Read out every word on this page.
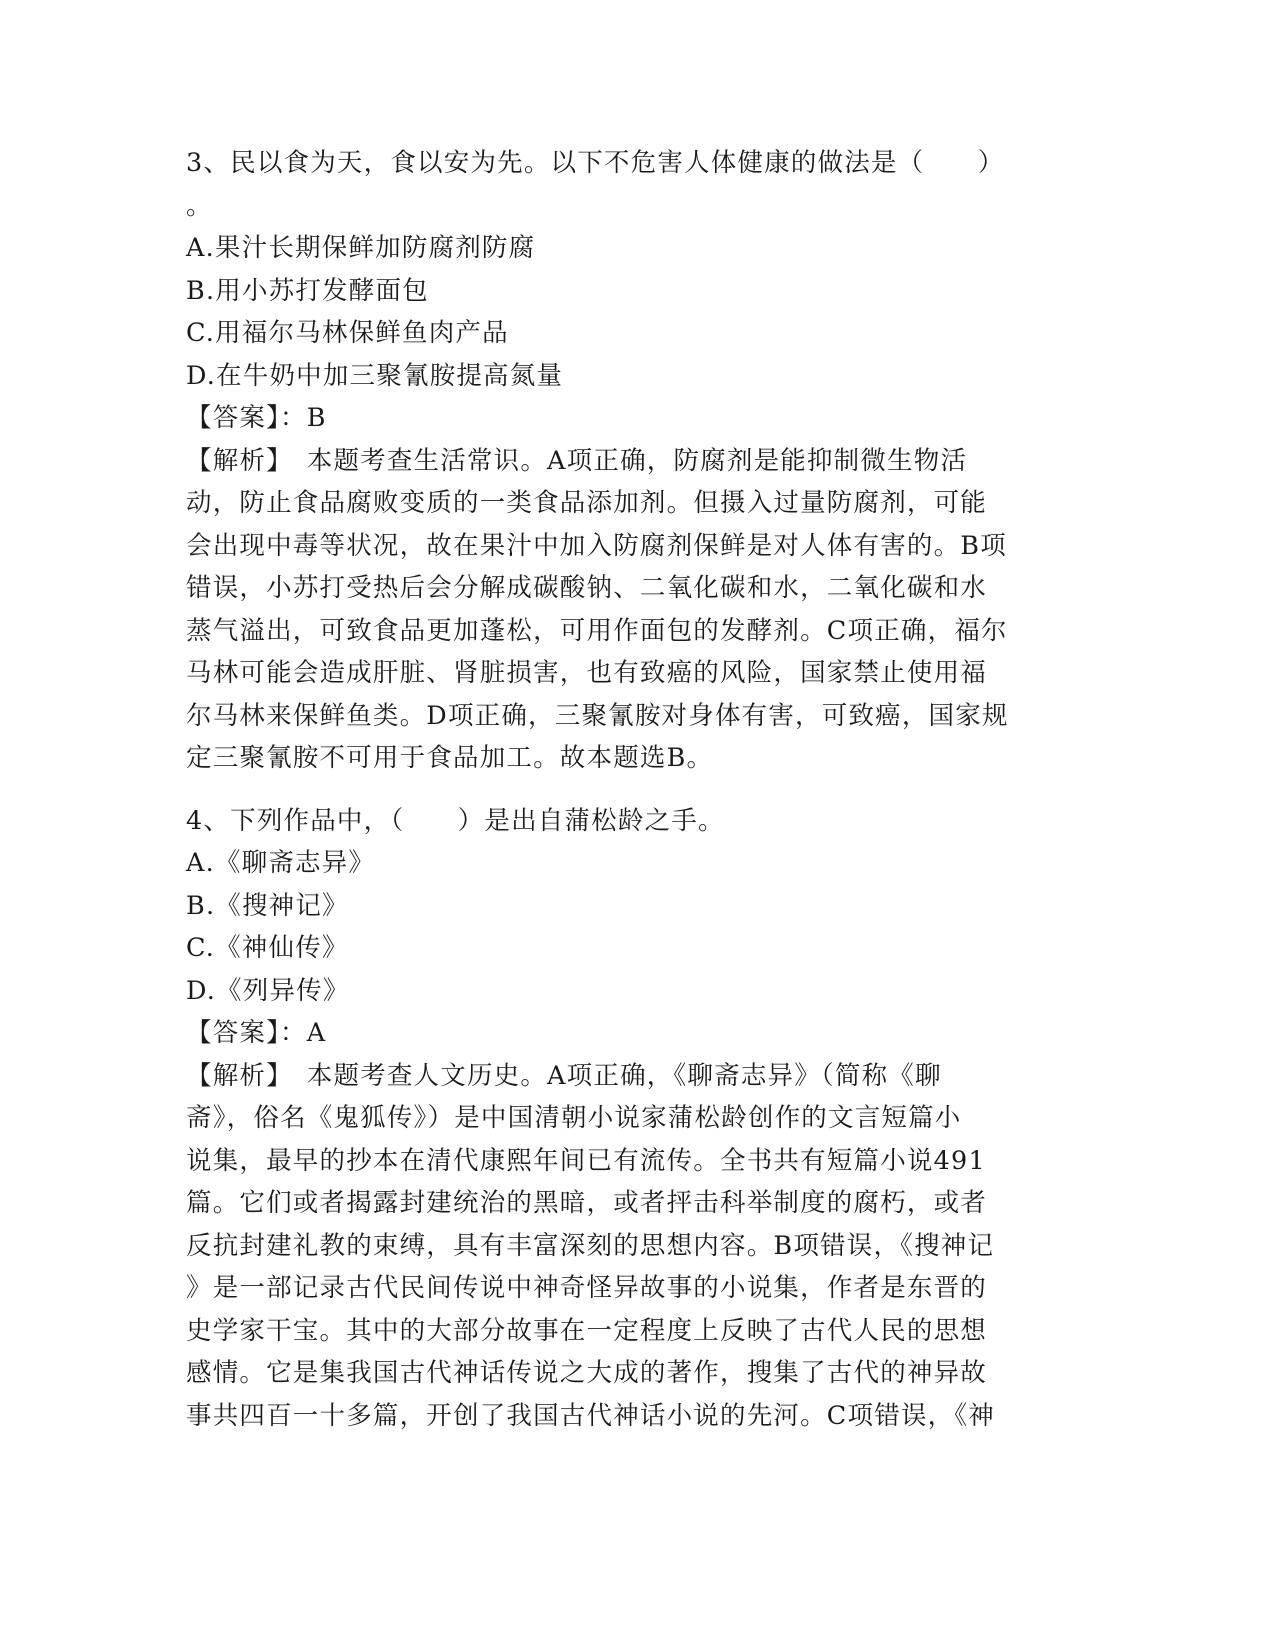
3、民以食为天，食以安为先。以下不危害人体健康的做法是（　　）
。
A.果汁长期保鲜加防腐剂防腐
B.用小苏打发酵面包
C.用福尔马林保鲜鱼肉产品
D.在牛奶中加三聚氰胺提高氮量
【答案】：B
【解析】　本题考查生活常识。A项正确，防腐剂是能抑制微生物活
动，防止食品腐败变质的一类食品添加剂。但摄入过量防腐剂，可能
会出现中毒等状况，故在果汁中加入防腐剂保鲜是对人体有害的。B项
错误，小苏打受热后会分解成碳酸钠、二氧化碳和水，二氧化碳和水
蒸气溢出，可致食品更加蓬松，可用作面包的发酵剂。C项正确，福尔
马林可能会造成肝脏、肾脏损害，也有致癌的风险，国家禁止使用福
尔马林来保鲜鱼类。D项正确，三聚氰胺对身体有害，可致癌，国家规
定三聚氰胺不可用于食品加工。故本题选B。
4、下列作品中，（　　）是出自蒲松龄之手。
A.《聊斋志异》
B.《搜神记》
C.《神仙传》
D.《列异传》
【答案】：A
【解析】　本题考查人文历史。A项正确，《聊斋志异》（简称《聊
斋》，俗名《鬼狐传》）是中国清朝小说家蒲松龄创作的文言短篇小
说集，最早的抄本在清代康熙年间已有流传。全书共有短篇小说491
篇。它们或者揭露封建统治的黑暗，或者抨击科举制度的腐朽，或者
反抗封建礼教的束缚，具有丰富深刻的思想内容。B项错误，《搜神记
》是一部记录古代民间传说中神奇怪异故事的小说集，作者是东晋的
史学家干宝。其中的大部分故事在一定程度上反映了古代人民的思想
感情。它是集我国古代神话传说之大成的著作，搜集了古代的神异故
事共四百一十多篇，开创了我国古代神话小说的先河。C项错误，《神
